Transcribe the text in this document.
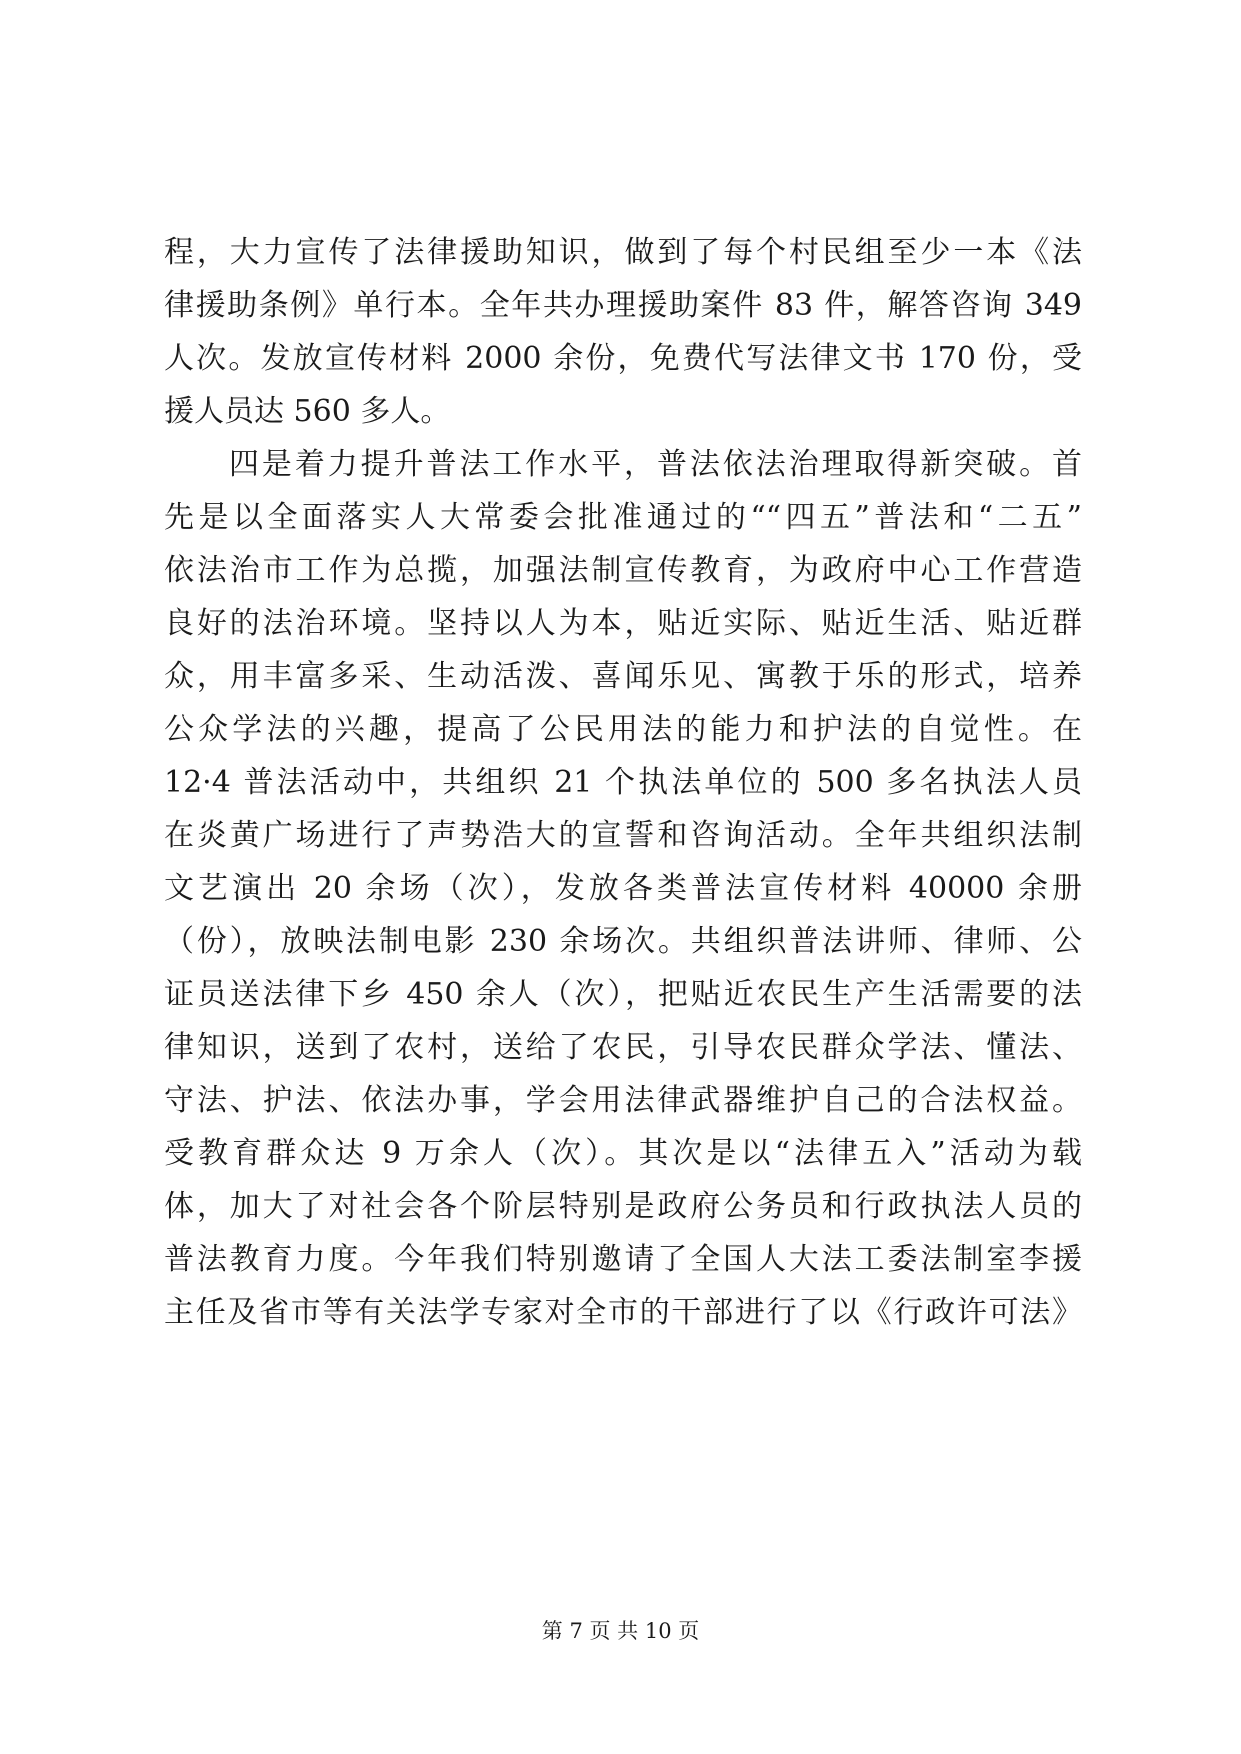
程，大力宣传了法律援助知识，做到了每个村民组至少一本《法
律援助条例》单行本。全年共办理援助案件 83 件，解答咨询 349
人次。发放宣传材料 2000 余份，免费代写法律文书 170 份，受
援人员达 560 多人。
四是着力提升普法工作水平，普法依法治理取得新突破。首
先是以全面落实人大常委会批准通过的““四五”普法和“二五”
依法治市工作为总揽，加强法制宣传教育，为政府中心工作营造
良好的法治环境。坚持以人为本，贴近实际、贴近生活、贴近群
众，用丰富多采、生动活泼、喜闻乐见、寓教于乐的形式，培养
公众学法的兴趣，提高了公民用法的能力和护法的自觉性。在
12·4 普法活动中，共组织 21 个执法单位的 500 多名执法人员
在炎黄广场进行了声势浩大的宣誓和咨询活动。全年共组织法制
文艺演出 20 余场（次），发放各类普法宣传材料 40000 余册
（份），放映法制电影 230 余场次。共组织普法讲师、律师、公
证员送法律下乡 450 余人（次），把贴近农民生产生活需要的法
律知识，送到了农村，送给了农民，引导农民群众学法、懂法、
守法、护法、依法办事，学会用法律武器维护自己的合法权益。
受教育群众达 9 万余人（次）。其次是以“法律五入”活动为载
体，加大了对社会各个阶层特别是政府公务员和行政执法人员的
普法教育力度。今年我们特别邀请了全国人大法工委法制室李援
主任及省市等有关法学专家对全市的干部进行了以《行政许可法》
第 7 页 共 10 页
